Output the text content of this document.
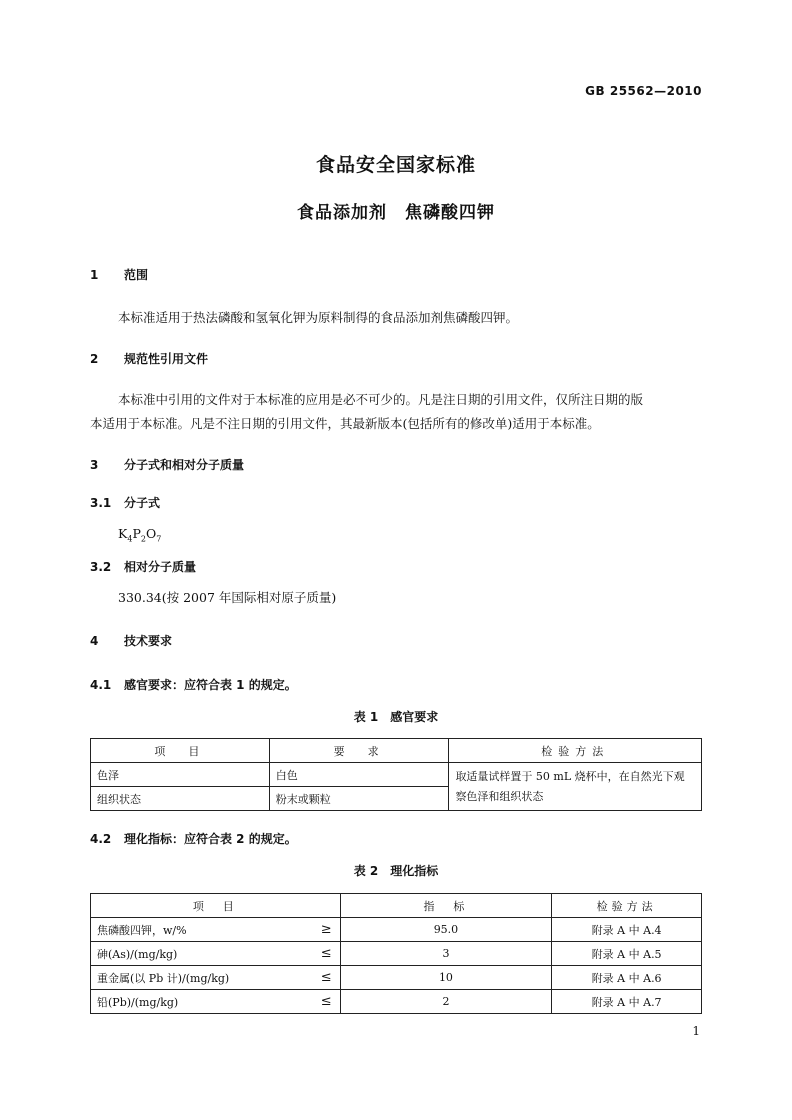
GB 25562—2010
食品安全国家标准
食品添加剂　焦磷酸四钾
1 范围
本标准适用于热法磷酸和氢氧化钾为原料制得的食品添加剂焦磷酸四钾。
2 规范性引用文件
本标准中引用的文件对于本标准的应用是必不可少的。凡是注日期的引用文件，仅所注日期的版
本适用于本标准。凡是不注日期的引用文件，其最新版本(包括所有的修改单)适用于本标准。
3 分子式和相对分子质量
3.1 分子式
$K_4P_2O_7$
3.2 相对分子质量
330.34(按 2007 年国际相对原子质量)
4 技术要求
4.1 感官要求：应符合表 1 的规定。
表 1　感官要求
项　目	要　求	检验方法
色泽	白色	取适量试样置于 50 mL 烧杯中，在自然光下观察色泽和组织状态
组织状态	粉末或颗粒	
4.2 理化指标：应符合表 2 的规定。
表 2　理化指标
项　目	指　标	检验方法
焦磷酸四钾，w/% ≥	95.0	附录 A 中 A.4
砷(As)/(mg/kg) ≤	3	附录 A 中 A.5
重金属(以 Pb 计)/(mg/kg) ≤	10	附录 A 中 A.6
铅(Pb)/(mg/kg) ≤	2	附录 A 中 A.7
1
